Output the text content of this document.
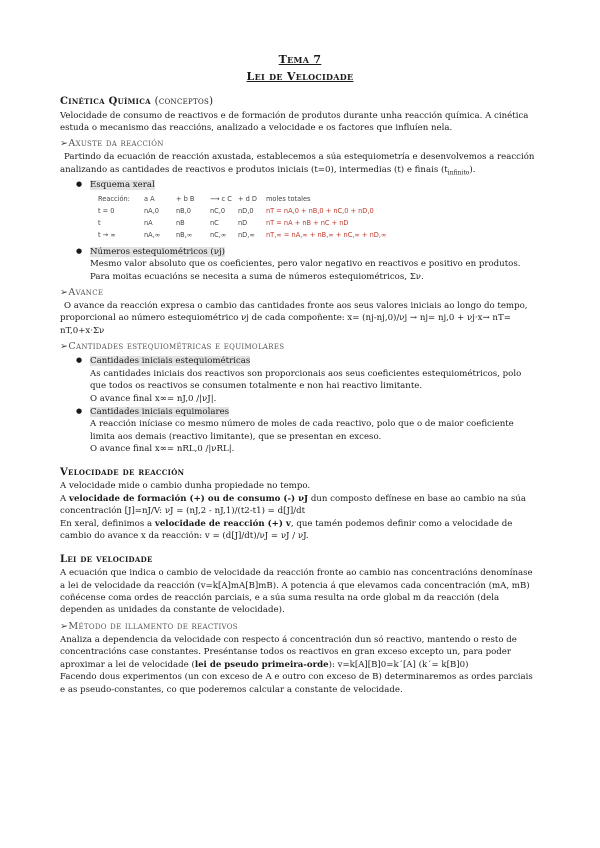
Tema 7
Lei de Velocidade
Cinética Química (conceptos)

Velocidade de consumo de reactivos e de formación de produtos durante unha reacción química. A cinética estuda o mecanismo das reaccións, analizado a velocidade e os factores que influíen nela.

➢Axuste da reacción

Partindo da ecuación de reacción axustada, establecemos a súa estequiometría e desenvolvemos a reacción analizando as cantidades de reactivos e produtos iniciais (t=0), intermedias (t) e finais $(t_{infinito})$.

● Esquema xeral
Reacción:	a A	+ b B	⟶ c C	+ d D	moles totales
t = 0	nA,0	nB,0	nC,0	nD,0	nT = nA,0 + nB,0 + nC,0 + nD,0
t	nA	nB	nC	nD	nT = nA + nB + nC + nD
t → ∞	nA,∞	nB,∞	nC,∞	nD,∞	nT,∞ = nA,∞ + nB,∞ + nC,∞ + nD,∞
● Números estequiométricos (νj)

Mesmo valor absoluto que os coeficientes, pero valor negativo en reactivos e positivo en produtos.

Para moitas ecuacións se necesita a suma de números estequiométricos, Σν.

➢Avance

O avance da reacción expresa o cambio das cantidades fronte aos seus valores iniciais ao longo do tempo, proporcional ao número estequiométrico νj de cada compoñente: x= (nj-nj,0)/νj → nj= nj,0 + νj·x→ nT= nT,0+x·Σν

➢Cantidades estequiométricas e equimolares
● Cantidades iniciais estequiométricas

As cantidades iniciais dos reactivos son proporcionais aos seus coeficientes estequiométricos, polo que todos os reactivos se consumen totalmente e non hai reactivo limitante.

O avance final x∞= nJ,0 /|νJ|.

● Cantidades iniciais equimolares

A reacción iníciase co mesmo número de moles de cada reactivo, polo que o de maior coeficiente limita aos demais (reactivo limitante), que se presentan en exceso.

O avance final x∞= nRL,0 /|νRL|.

Velocidade de reacción

A velocidade mide o cambio dunha propiedade no tempo.

A velocidade de formación (+) ou de consumo (-) νJ dun composto defínese en base ao cambio na súa concentración [J]=nJ/V: νJ = (nJ,2 - nJ,1)/(t2-t1) = d[J]/dt

En xeral, definimos a velocidade de reacción (+) v, que tamén podemos definir como a velocidade de cambio do avance x da reacción: v = (d[J]/dt)/νJ = νJ / νJ.

Lei de velocidade

A ecuación que indica o cambio de velocidade da reacción fronte ao cambio nas concentracións denomínase a lei de velocidade da reacción (v=k[A]mA[B]mB). A potencia á que elevamos cada concentración (mA, mB) coñécense coma ordes de reacción parciais, e a súa suma resulta na orde global m da reacción (dela dependen as unidades da constante de velocidade).

➢Método de illamento de reactivos

Analiza a dependencia da velocidade con respecto á concentración dun só reactivo, mantendo o resto de concentracións case constantes. Preséntanse todos os reactivos en gran exceso excepto un, para poder aproximar a lei de velocidade (lei de pseudo primeira-orde): v=k[A][B]0=k´[A] (k´= k[B]0)

Facendo dous experimentos (un con exceso de A e outro con exceso de B) determinaremos as ordes parciais e as pseudo-constantes, co que poderemos calcular a constante de velocidade.
